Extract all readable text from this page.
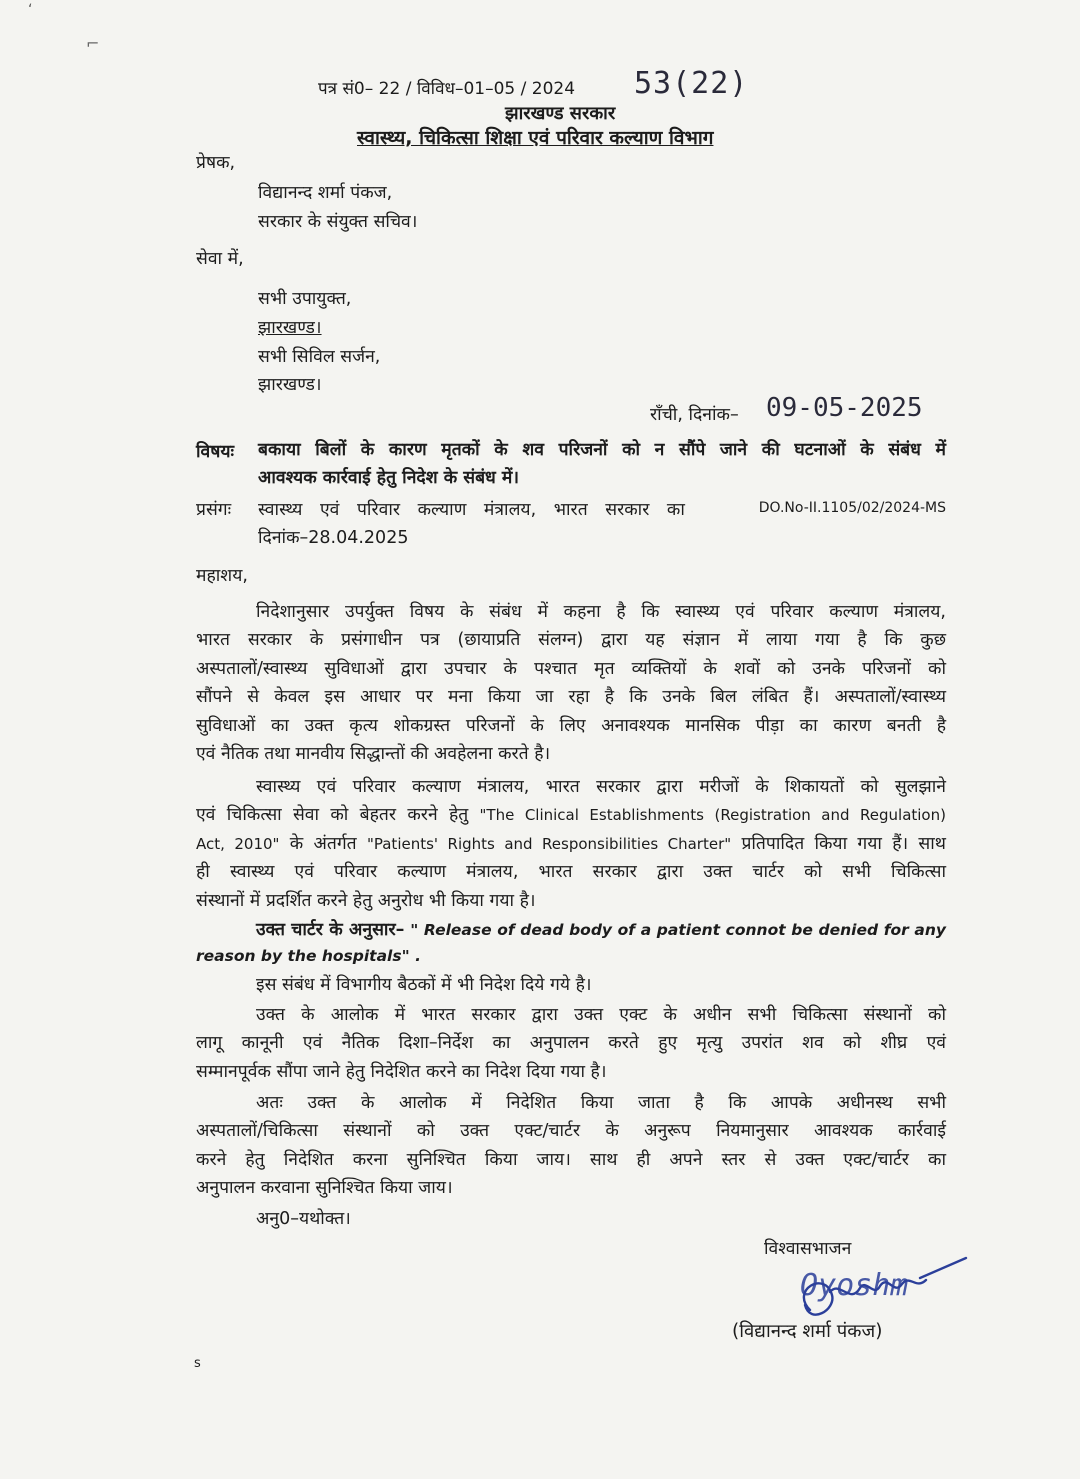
‘
⌐
पत्र सं0– 22 / विविध–01–05 / 2024 53(22)
झारखण्ड सरकार
स्वास्थ्य, चिकित्सा शिक्षा एवं परिवार कल्याण विभाग
प्रेषक,
विद्यानन्द शर्मा पंकज,
सरकार के संयुक्त सचिव।
सेवा में,
सभी उपायुक्त,
झारखण्ड।
सभी सिविल सर्जन,
झारखण्ड।
राँची, दिनांक– 09-05-2025
विषयः बकाया बिलों के कारण मृतकों के शव परिजनों को न सौंपे जाने की घटनाओं के संबंध में
आवश्यक कार्रवाई हेतु निदेश के संबंध में।
प्रसंगः स्वास्थ्य एवं परिवार कल्याण मंत्रालय, भारत सरकार का	DO.No-II.1105/02/2024-MS
दिनांक–28.04.2025
महाशय,
निदेशानुसार उपर्युक्त विषय के संबंध में कहना है कि स्वास्थ्य एवं परिवार कल्याण मंत्रालय,
भारत सरकार के प्रसंगाधीन पत्र (छायाप्रति संलग्न) द्वारा यह संज्ञान में लाया गया है कि कुछ
अस्पतालों/स्वास्थ्य सुविधाओं द्वारा उपचार के पश्चात मृत व्यक्तियों के शवों को उनके परिजनों को
सौंपने से केवल इस आधार पर मना किया जा रहा है कि उनके बिल लंबित हैं। अस्पतालों/स्वास्थ्य
सुविधाओं का उक्त कृत्य शोकग्रस्त परिजनों के लिए अनावश्यक मानसिक पीड़ा का कारण बनती है
एवं नैतिक तथा मानवीय सिद्धान्तों की अवहेलना करते है।
स्वास्थ्य एवं परिवार कल्याण मंत्रालय, भारत सरकार द्वारा मरीजों के शिकायतों को सुलझाने
एवं चिकित्सा सेवा को बेहतर करने हेतु "The Clinical Establishments (Registration and Regulation)
Act, 2010" के अंतर्गत "Patients' Rights and Responsibilities Charter" प्रतिपादित किया गया हैं। साथ
ही स्वास्थ्य एवं परिवार कल्याण मंत्रालय, भारत सरकार द्वारा उक्त चार्टर को सभी चिकित्सा
संस्थानों में प्रदर्शित करने हेतु अनुरोध भी किया गया है।
उक्त चार्टर के अनुसार– " Release of dead body of a patient connot be denied for any
reason by the hospitals" .
इस संबंध में विभागीय बैठकों में भी निदेश दिये गये है।
उक्त के आलोक में भारत सरकार द्वारा उक्त एक्ट के अधीन सभी चिकित्सा संस्थानों को
लागू कानूनी एवं नैतिक दिशा–निर्देश का अनुपालन करते हुए मृत्यु उपरांत शव को शीघ्र एवं
सम्मानपूर्वक सौंपा जाने हेतु निदेशित करने का निदेश दिया गया है।
अतः उक्त के आलोक में निदेशित किया जाता है कि आपके अधीनस्थ सभी
अस्पतालों/चिकित्सा संस्थानों को उक्त एक्ट/चार्टर के अनुरूप नियमानुसार आवश्यक कार्रवाई
करने हेतु निदेशित करना सुनिश्चित किया जाय। साथ ही अपने स्तर से उक्त एक्ट/चार्टर का
अनुपालन करवाना सुनिश्चित किया जाय।
अनु0–यथोक्त।
विश्वासभाजन
Oyoshm
(विद्यानन्द शर्मा पंकज)
s
